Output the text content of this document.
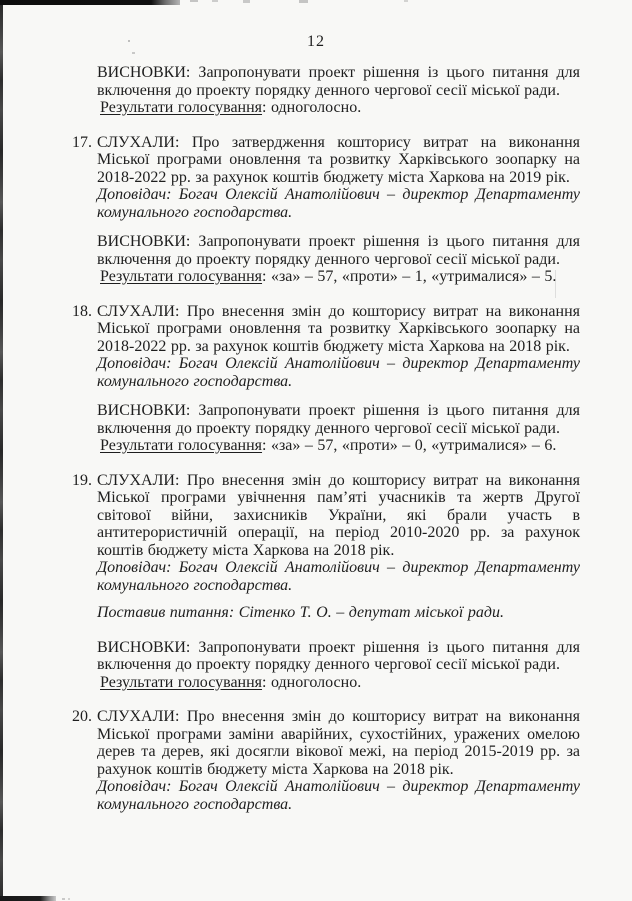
12

ВИСНОВКИ: Запропонувати проект рішення із цього питання для включення до проекту порядку денного чергової сесії міської ради.

Результати голосування: одноголосно.

17. СЛУХАЛИ: Про затвердження кошторису витрат на виконання Міської програми оновлення та розвитку Харківського зоопарку на 2018-2022 рр. за рахунок коштів бюджету міста Харкова на 2019 рік.

Доповідач: Богач Олексій Анатолійович – директор Департаменту комунального господарства.

ВИСНОВКИ: Запропонувати проект рішення із цього питання для включення до проекту порядку денного чергової сесії міської ради.

Результати голосування: «за» – 57, «проти» – 1, «утрималися» – 5.

18. СЛУХАЛИ: Про внесення змін до кошторису витрат на виконання Міської програми оновлення та розвитку Харківського зоопарку на 2018-2022 рр. за рахунок коштів бюджету міста Харкова на 2018 рік.

Доповідач: Богач Олексій Анатолійович – директор Департаменту комунального господарства.

ВИСНОВКИ: Запропонувати проект рішення із цього питання для включення до проекту порядку денного чергової сесії міської ради.

Результати голосування: «за» – 57, «проти» – 0, «утрималися» – 6.

19. СЛУХАЛИ: Про внесення змін до кошторису витрат на виконання Міської програми увічнення пам’яті учасників та жертв Другої світової війни, захисників України, які брали участь в антитерористичній операції, на період 2010-2020 рр. за рахунок коштів бюджету міста Харкова на 2018 рік.

Доповідач: Богач Олексій Анатолійович – директор Департаменту комунального господарства.

Поставив питання: Сітенко Т. О. – депутат міської ради.

ВИСНОВКИ: Запропонувати проект рішення із цього питання для включення до проекту порядку денного чергової сесії міської ради.

Результати голосування: одноголосно.

20. СЛУХАЛИ: Про внесення змін до кошторису витрат на виконання Міської програми заміни аварійних, сухостійних, уражених омелою дерев та дерев, які досягли вікової межі, на період 2015-2019 рр. за рахунок коштів бюджету міста Харкова на 2018 рік.

Доповідач: Богач Олексій Анатолійович – директор Департаменту комунального господарства.
